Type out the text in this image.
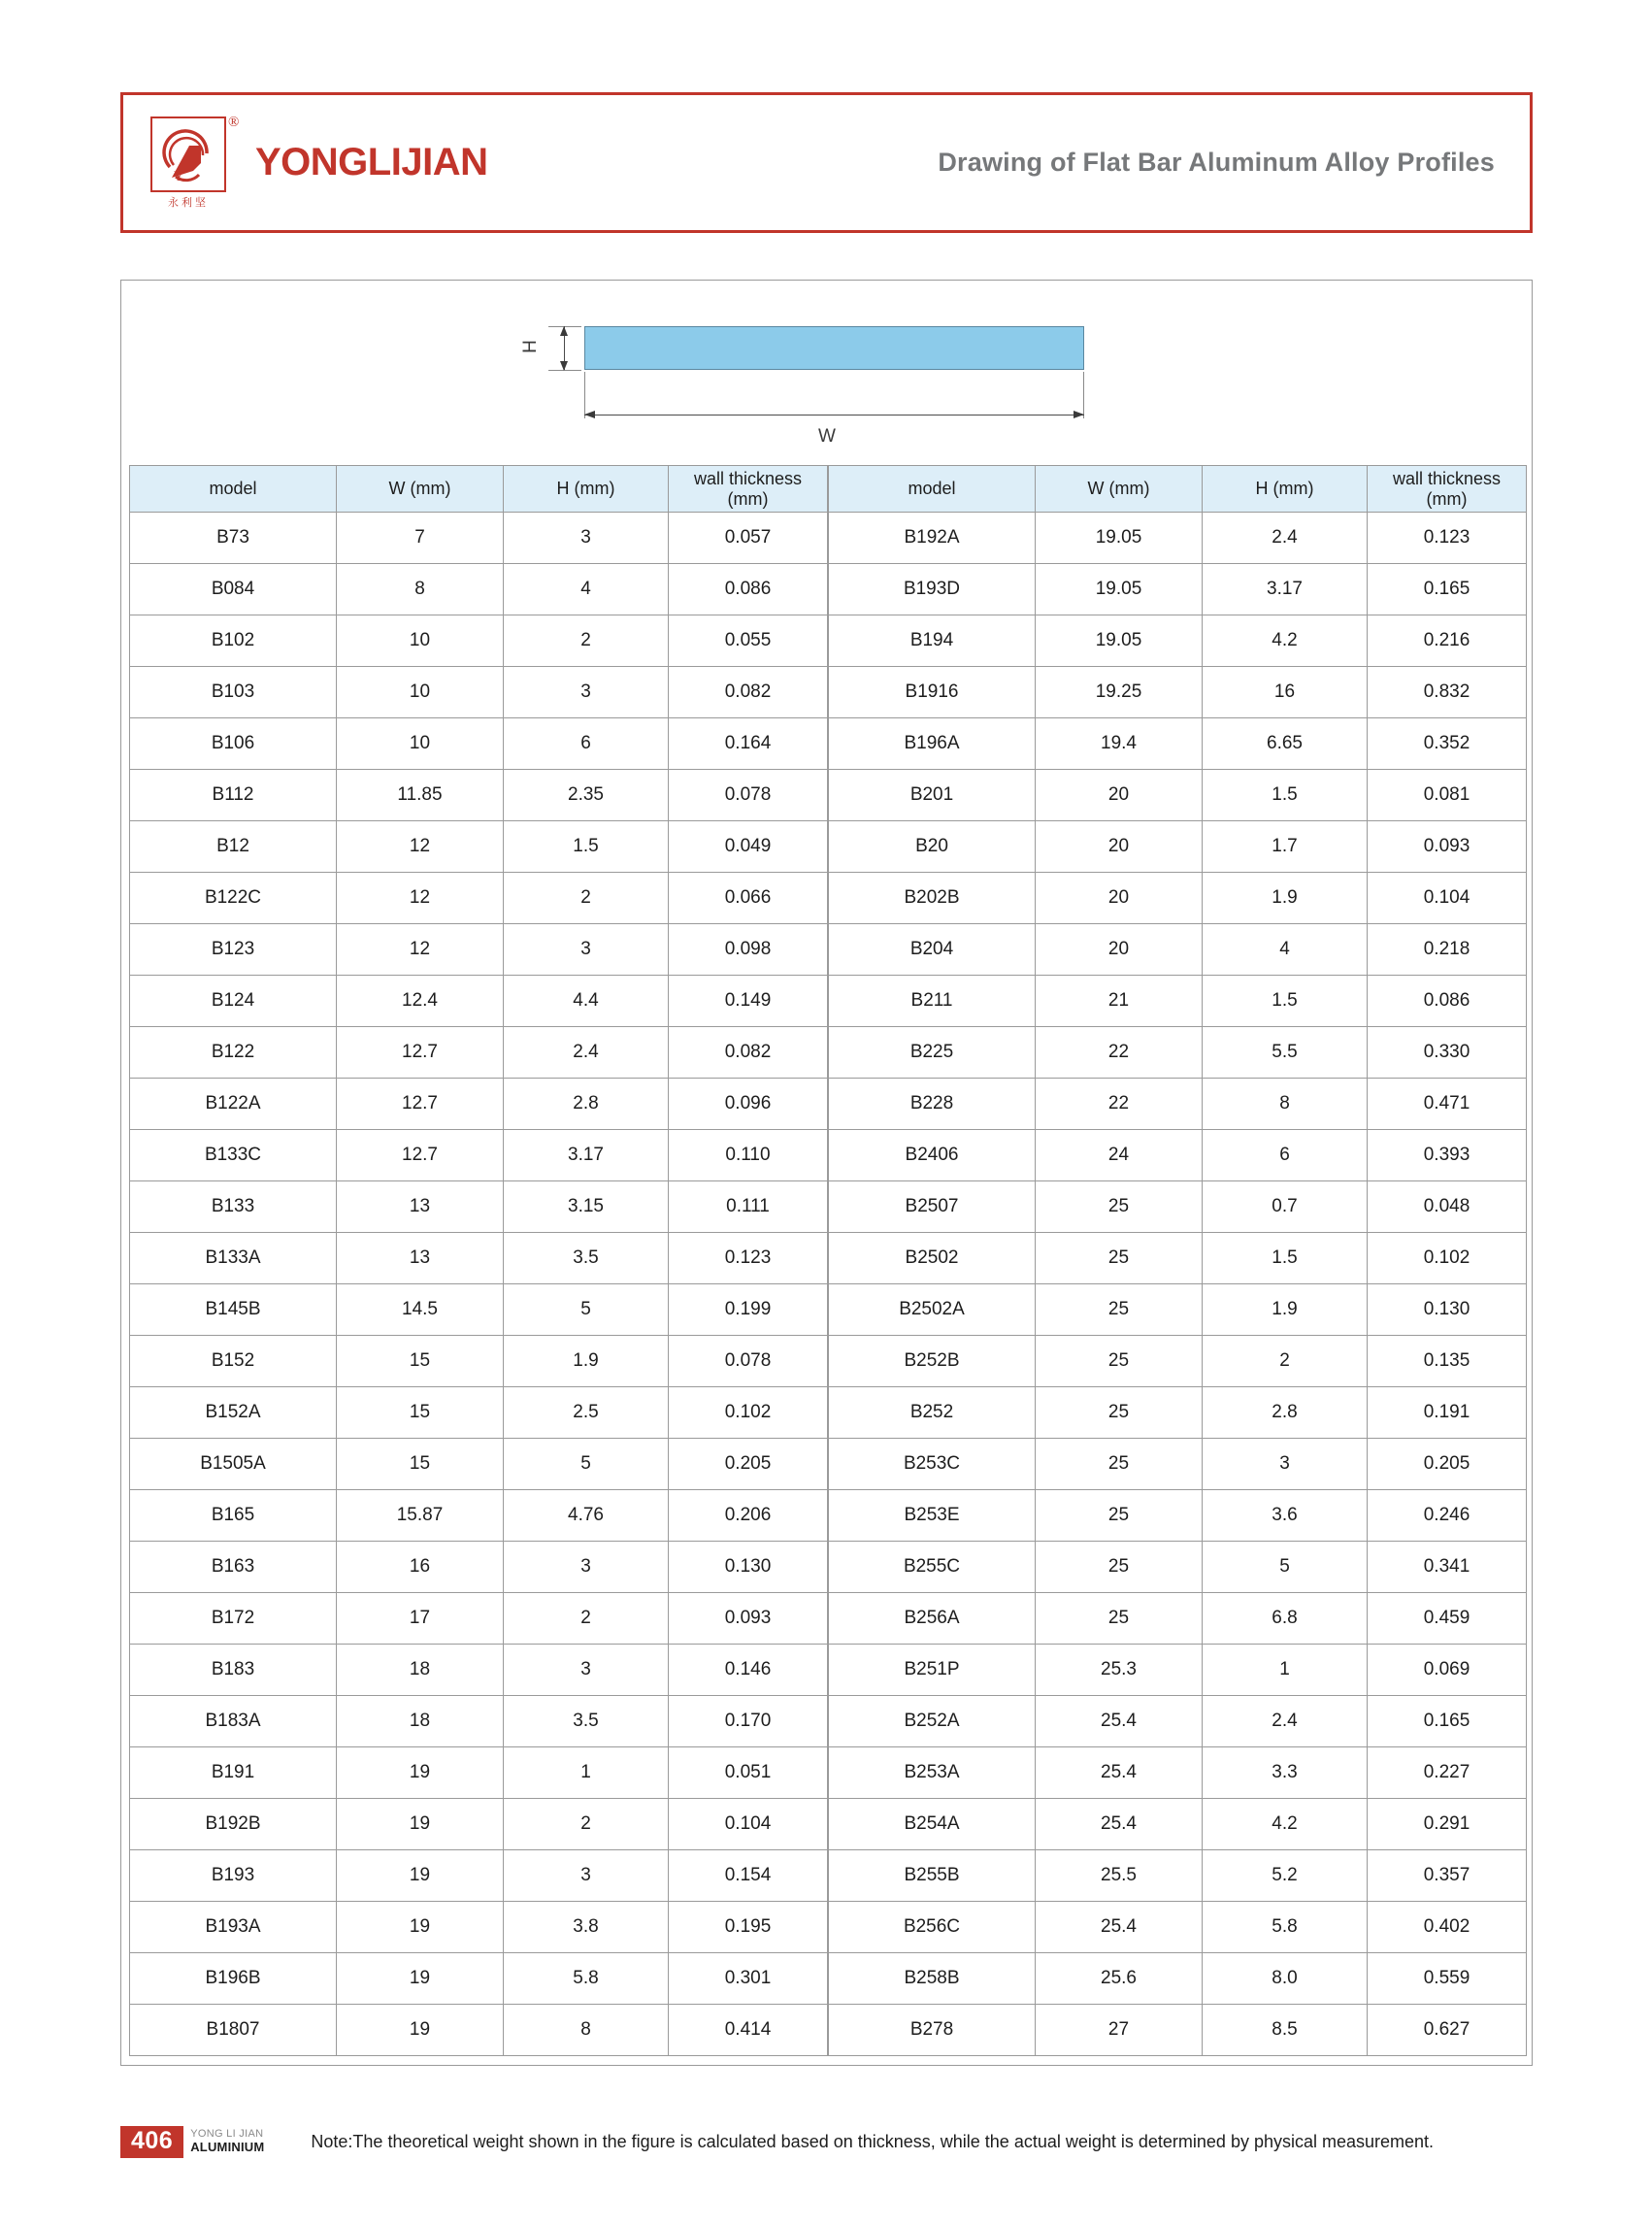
Y
®
永利坚
YONGLIJIAN	Drawing of Flat Bar Aluminum Alloy Profiles
H
W
model	W (mm)	H (mm)	wall thickness
(mm)
B73	7	3	0.057
B084	8	4	0.086
B102	10	2	0.055
B103	10	3	0.082
B106	10	6	0.164
B112	11.85	2.35	0.078
B12	12	1.5	0.049
B122C	12	2	0.066
B123	12	3	0.098
B124	12.4	4.4	0.149
B122	12.7	2.4	0.082
B122A	12.7	2.8	0.096
B133C	12.7	3.17	0.110
B133	13	3.15	0.111
B133A	13	3.5	0.123
B145B	14.5	5	0.199
B152	15	1.9	0.078
B152A	15	2.5	0.102
B1505A	15	5	0.205
B165	15.87	4.76	0.206
B163	16	3	0.130
B172	17	2	0.093
B183	18	3	0.146
B183A	18	3.5	0.170
B191	19	1	0.051
B192B	19	2	0.104
B193	19	3	0.154
B193A	19	3.8	0.195
B196B	19	5.8	0.301
B1807	19	8	0.414
model	W (mm)	H (mm)	wall thickness
(mm)
B192A	19.05	2.4	0.123
B193D	19.05	3.17	0.165
B194	19.05	4.2	0.216
B1916	19.25	16	0.832
B196A	19.4	6.65	0.352
B201	20	1.5	0.081
B20	20	1.7	0.093
B202B	20	1.9	0.104
B204	20	4	0.218
B211	21	1.5	0.086
B225	22	5.5	0.330
B228	22	8	0.471
B2406	24	6	0.393
B2507	25	0.7	0.048
B2502	25	1.5	0.102
B2502A	25	1.9	0.130
B252B	25	2	0.135
B252	25	2.8	0.191
B253C	25	3	0.205
B253E	25	3.6	0.246
B255C	25	5	0.341
B256A	25	6.8	0.459
B251P	25.3	1	0.069
B252A	25.4	2.4	0.165
B253A	25.4	3.3	0.227
B254A	25.4	4.2	0.291
B255B	25.5	5.2	0.357
B256C	25.4	5.8	0.402
B258B	25.6	8.0	0.559
B278	27	8.5	0.627
406	YONG LI JIAN
ALUMINIUM	Note:The theoretical weight shown in the figure is calculated based on thickness, while the actual weight is determined by physical measurement.
